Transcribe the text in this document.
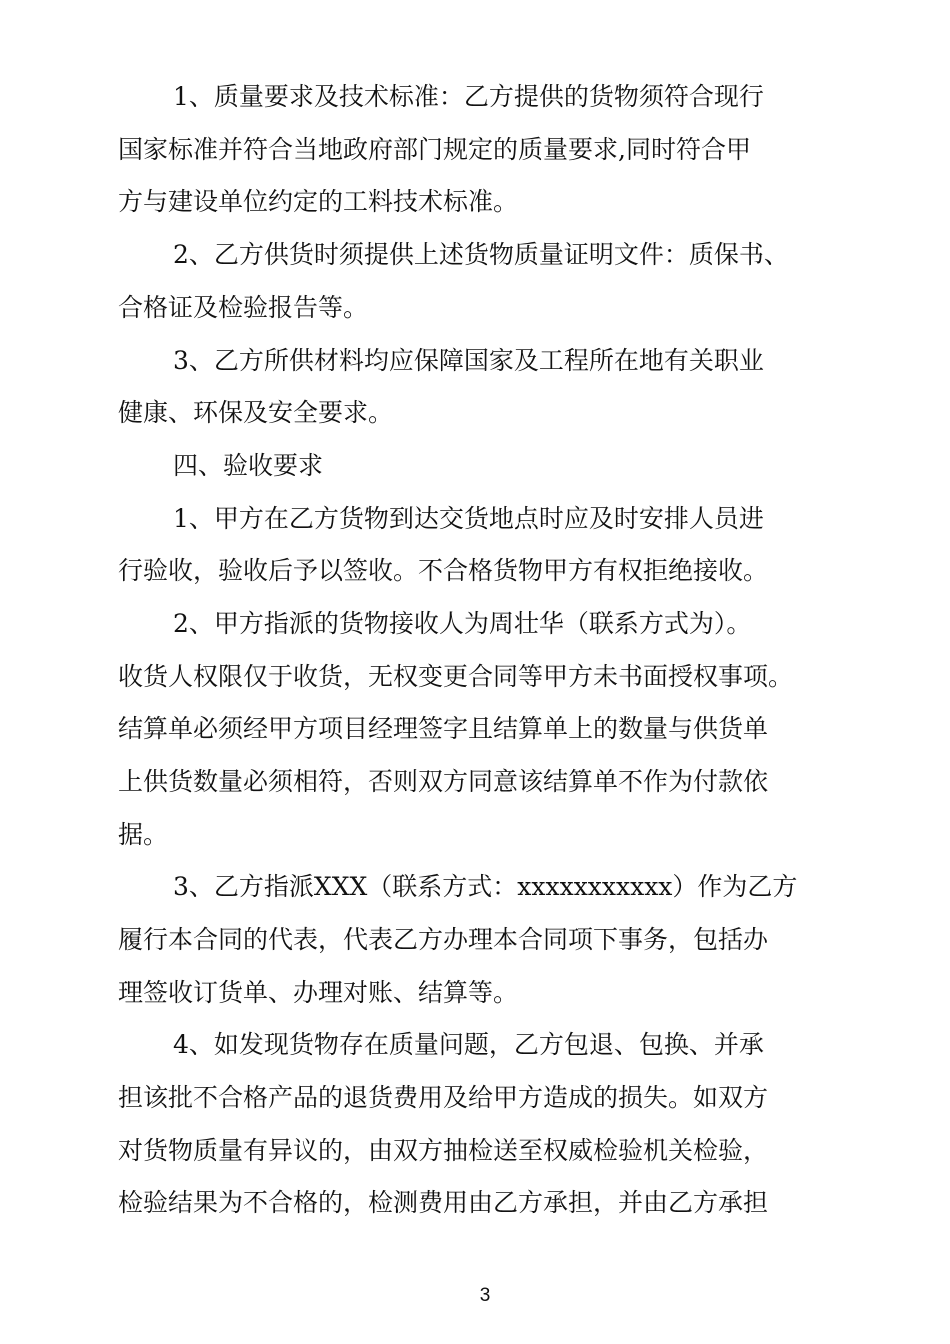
1、质量要求及技术标准：乙方提供的货物须符合现行
国家标准并符合当地政府部门规定的质量要求,同时符合甲
方与建设单位约定的工料技术标准。
2、乙方供货时须提供上述货物质量证明文件：质保书、
合格证及检验报告等。
3、乙方所供材料均应保障国家及工程所在地有关职业
健康、环保及安全要求。
四、验收要求
1、甲方在乙方货物到达交货地点时应及时安排人员进
行验收，验收后予以签收。不合格货物甲方有权拒绝接收。
2、甲方指派的货物接收人为周壮华（联系方式为）。
收货人权限仅于收货，无权变更合同等甲方未书面授权事项。
结算单必须经甲方项目经理签字且结算单上的数量与供货单
上供货数量必须相符，否则双方同意该结算单不作为付款依
据。
3、乙方指派XXX（联系方式：xxxxxxxxxxx）作为乙方
履行本合同的代表，代表乙方办理本合同项下事务，包括办
理签收订货单、办理对账、结算等。
4、如发现货物存在质量问题，乙方包退、包换、并承
担该批不合格产品的退货费用及给甲方造成的损失。如双方
对货物质量有异议的，由双方抽检送至权威检验机关检验，
检验结果为不合格的，检测费用由乙方承担，并由乙方承担
3
